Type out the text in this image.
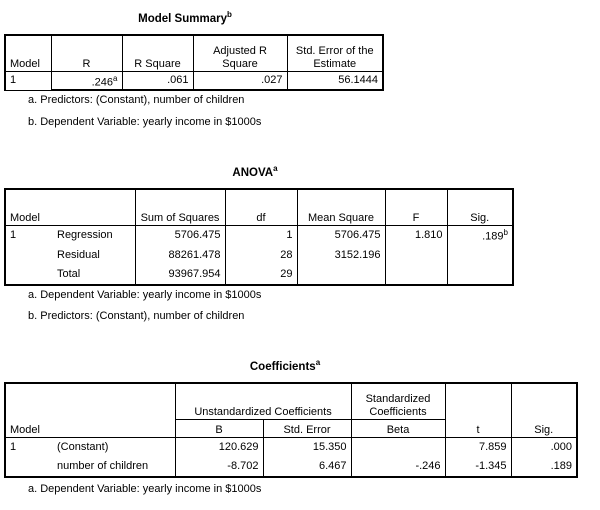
Model Summary$^b$
Model	R	R Square	Adjusted R Square	Std. Error of the Estimate
1	.246$^a$	.061	.027	56.1444
a. Predictors: (Constant), number of children
b. Dependent Variable: yearly income in $1000s
ANOVA$^a$
Model		Sum of Squares	df	Mean Square	F	Sig.
1	Regression	5706.475	1	5706.475	1.810	.189$^b$
	Residual	88261.478	28	3152.196		
	Total	93967.954	29			
a. Dependent Variable: yearly income in $1000s
b. Predictors: (Constant), number of children
Coefficients$^a$
Model		Unstandardized Coefficients		Standardized Coefficients	t	Sig.
		B	Std. Error	Beta		
1	(Constant)	120.629	15.350		7.859	.000
	number of children	-8.702	6.467	-.246	-1.345	.189
a. Dependent Variable: yearly income in $1000s
